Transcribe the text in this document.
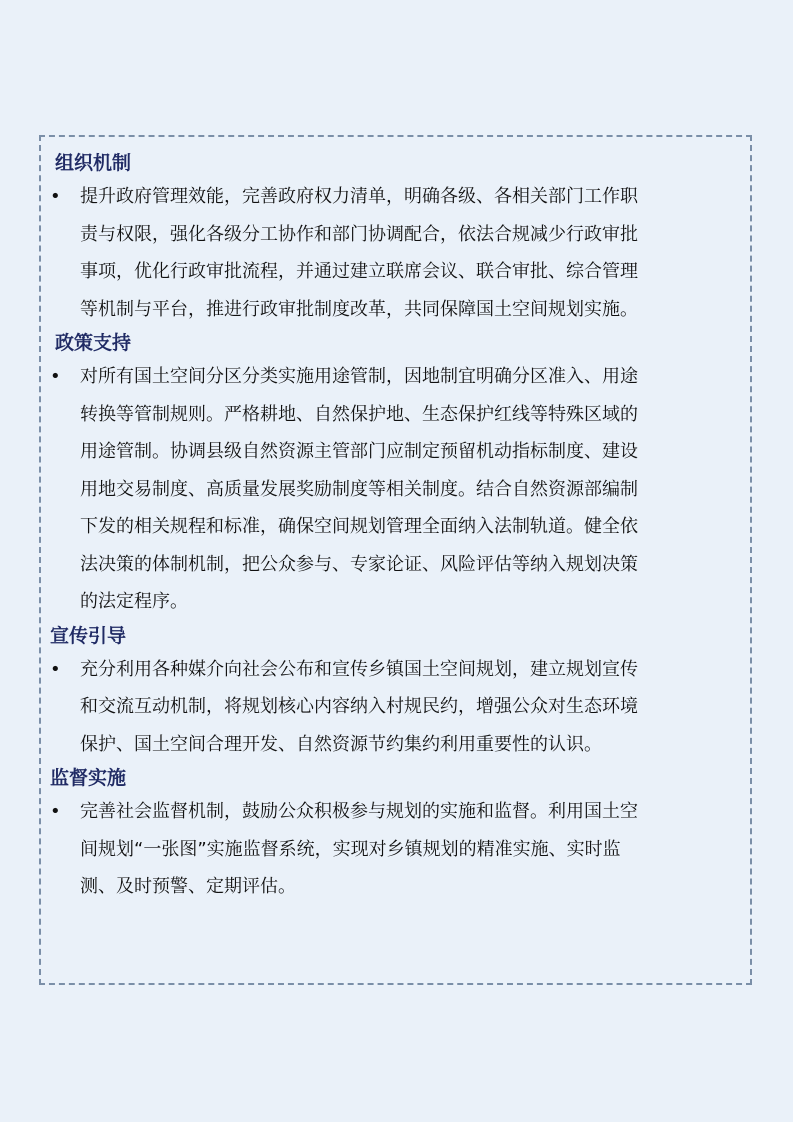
组织机制
•	提升政府管理效能，完善政府权力清单，明确各级、各相关部门工作职
责与权限，强化各级分工协作和部门协调配合，依法合规减少行政审批
事项，优化行政审批流程，并通过建立联席会议、联合审批、综合管理
等机制与平台，推进行政审批制度改革，共同保障国土空间规划实施。
政策支持
•	对所有国土空间分区分类实施用途管制，因地制宜明确分区准入、用途
转换等管制规则。严格耕地、自然保护地、生态保护红线等特殊区域的
用途管制。协调县级自然资源主管部门应制定预留机动指标制度、建设
用地交易制度、高质量发展奖励制度等相关制度。结合自然资源部编制
下发的相关规程和标准，确保空间规划管理全面纳入法制轨道。健全依
法决策的体制机制，把公众参与、专家论证、风险评估等纳入规划决策
的法定程序。
宣传引导
•	充分利用各种媒介向社会公布和宣传乡镇国土空间规划，建立规划宣传
和交流互动机制，将规划核心内容纳入村规民约，增强公众对生态环境
保护、国土空间合理开发、自然资源节约集约利用重要性的认识。
监督实施
•	完善社会监督机制，鼓励公众积极参与规划的实施和监督。利用国土空
间规划“一张图”实施监督系统，实现对乡镇规划的精准实施、实时监
测、及时预警、定期评估。
